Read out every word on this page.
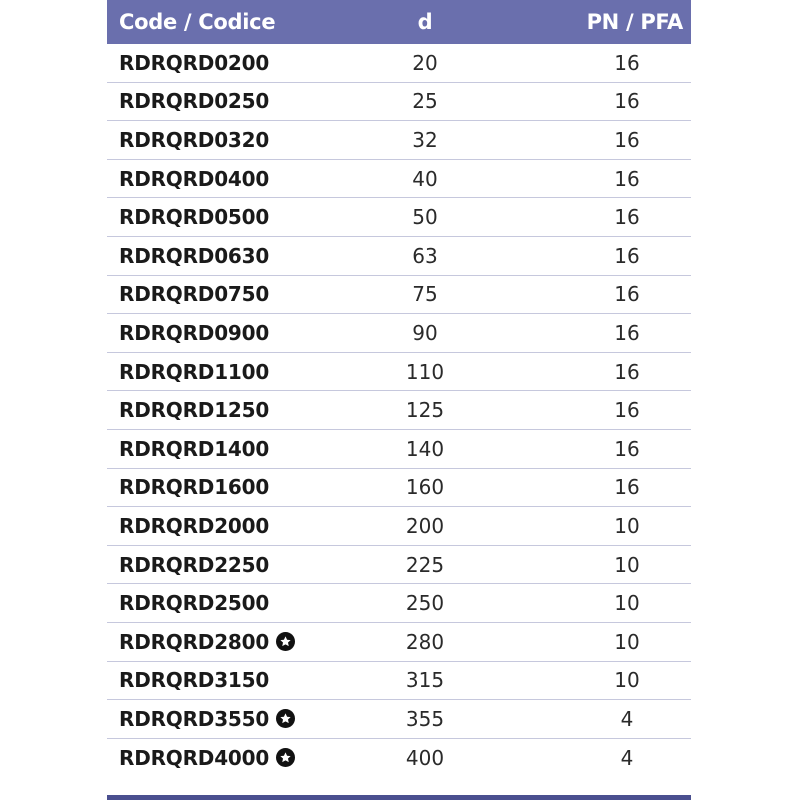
Code / Codice	d	PN / PFA
RDRQRD0200	20	16
RDRQRD0250	25	16
RDRQRD0320	32	16
RDRQRD0400	40	16
RDRQRD0500	50	16
RDRQRD0630	63	16
RDRQRD0750	75	16
RDRQRD0900	90	16
RDRQRD1100	110	16
RDRQRD1250	125	16
RDRQRD1400	140	16
RDRQRD1600	160	16
RDRQRD2000	200	10
RDRQRD2250	225	10
RDRQRD2500	250	10
RDRQRD2800	280	10
RDRQRD3150	315	10
RDRQRD3550	355	4
RDRQRD4000	400	4
